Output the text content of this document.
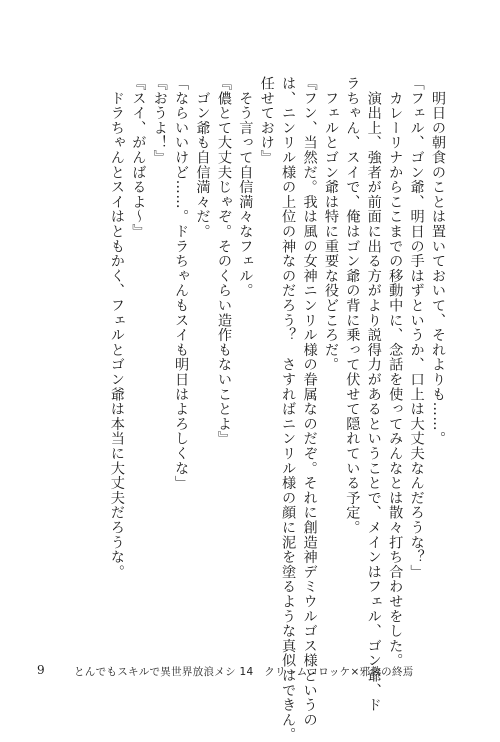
　明日の朝食のことは置いておいて、それよりも……。
「フェル、ゴン爺、明日の手はずというか、口上は大丈夫なんだろうな？」
　カレーリナからここまでの移動中に、念話を使ってみんなとは散々打ち合わせをした。
　演出上、強者が前面に出る方がより説得力があるということで、メインはフェル、ゴン爺、ド
ラちゃん、スイで、俺はゴン爺の背に乗って伏せて隠れている予定。
　フェルとゴン爺は特に重要な役どころだ。
『フン、当然だ。我は風の女神ニンリル様の眷属なのだぞ。それに創造神デミウルゴス様というの
は、ニンリル様の上位の神なのだろう？　さすればニンリル様の顔に泥を塗るような真似はできん。
任せておけ』
　そう言って自信満々なフェル。
『儂とて大丈夫じゃぞ。そのくらい造作もないことよ』
　ゴン爺も自信満々だ。
「ならいいけど……。ドラちゃんもスイも明日はよろしくな」
『おうよ！』
『スイ、がんばるよ～』
　ドラちゃんとスイはともかく、フェルとゴン爺は本当に大丈夫だろうな。
9	とんでもスキルで異世界放浪メシ 14　クリームコロッケ×邪教の終焉
